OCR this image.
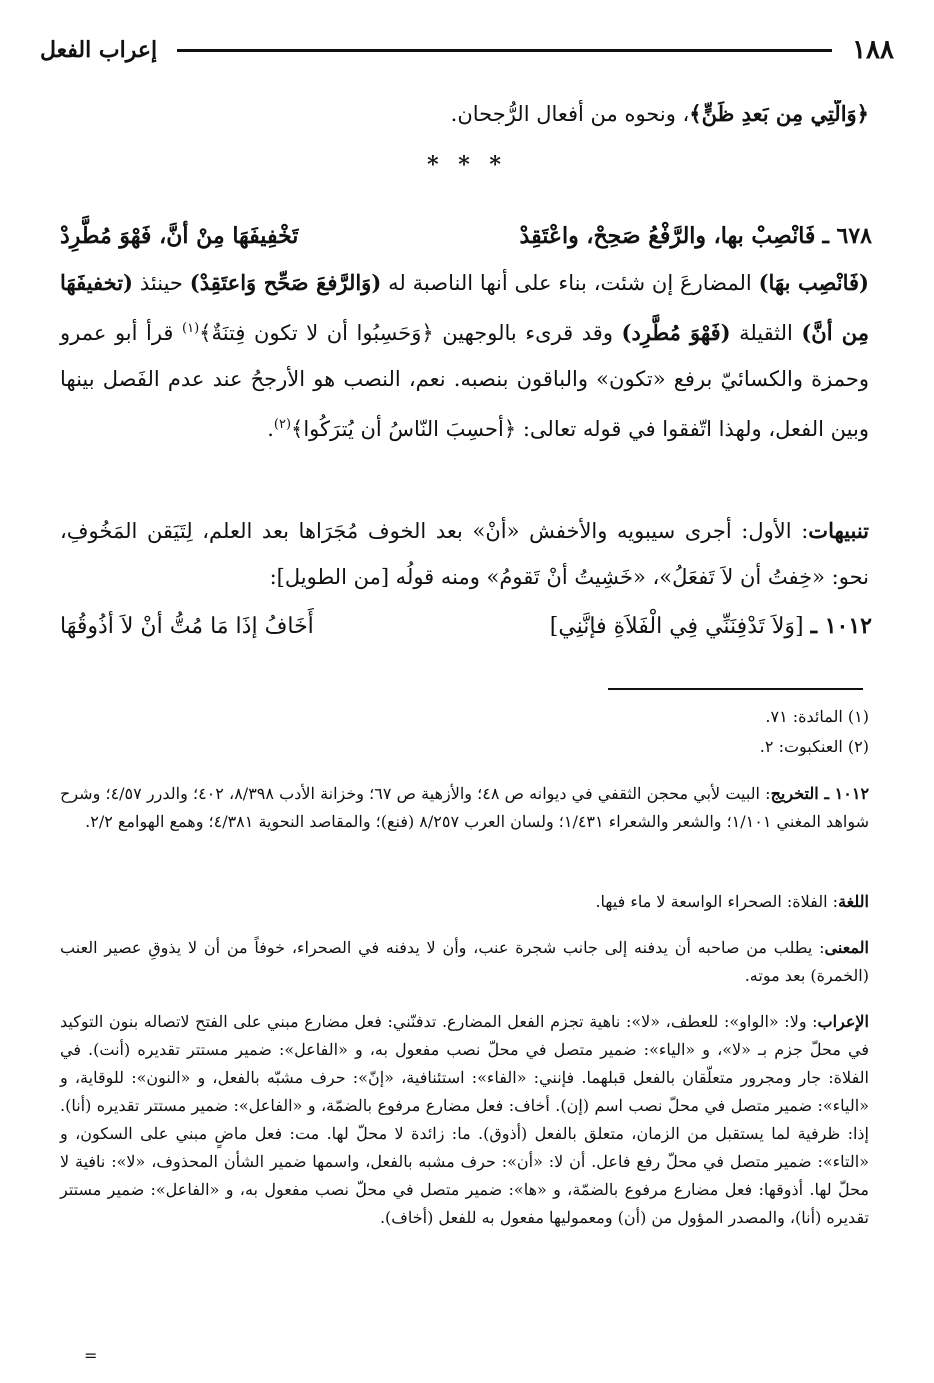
١٨٨
إعراب الفعل
﴿وَالَّتِي مِن بَعدِ ظَنٍّ﴾، ونحوه من أفعال الرُّجحان.
* * *
٦٧٨ ـ فَانْصِبْ بها، والرَّفْعُ صَحِحْ، واعْتَقِدْ
تَخْفِيفَهَا مِنْ أنَّ، فَهْوَ مُطَّرِدْ
(فَانْصِب بهَا) المضارعَ إن شئت، بناء على أنها الناصبة له (وَالرَّفعَ صَحِّح وَاعتَقِدْ) حينئذ (تخفيفَهَا مِن أنَّ) الثقيلة (فَهْوَ مُطَّرِد) وقد قرىء بالوجهين ﴿وَحَسِبُوا أن لا تكون فِتنَةٌ﴾$^{(١)}$ قرأ أبو عمرو وحمزة والكسائيّ برفع «تكون» والباقون بنصبه. نعم، النصب هو الأرجحُ عند عدم الفَصل بينها وبين الفعل، ولهذا اتّفقوا في قوله تعالى: ﴿أحسِبَ النّاسُ أن يُترَكُوا﴾$^{(٢)}$.
تنبيهات: الأول: أجرى سيبويه والأخفش «أنْ» بعد الخوف مُجَرَاها بعد العلم، لِتَيَقن المَخُوفِ، نحو: «خِفتُ أن لاَ تَفعَلُ»، «خَشِيتُ أنْ تَقومُ» ومنه قولُه [من الطويل]:
١٠١٢ ـ [وَلاَ تَدْفِنَنِّي فِي الْفَلاَةِ فإنَّنِي]
أَخَافُ إذَا مَا مُتُّ أنْ لاَ أذُوقُهَا
(١) المائدة: ٧١.
(٢) العنكبوت: ٢.
١٠١٢ ـ التخريج: البيت لأبي محجن الثقفي في ديوانه ص ٤٨؛ والأزهية ص ٦٧؛ وخزانة الأدب ٨/٣٩٨، ٤٠٢؛ والدرر ٤/٥٧؛ وشرح شواهد المغني ١/١٠١؛ والشعر والشعراء ١/٤٣١؛ ولسان العرب ٨/٢٥٧ (فنع)؛ والمقاصد النحوية ٤/٣٨١؛ وهمع الهوامع ٢/٢.
اللغة: الفلاة: الصحراء الواسعة لا ماء فيها.
المعنى: يطلب من صاحبه أن يدفنه إلى جانب شجرة عنب، وأن لا يدفنه في الصحراء، خوفاً من أن لا يذوقِ عصير العنب (الخمرة) بعد موته.
الإعراب: ولا: «الواو»: للعطف، «لا»: ناهية تجزم الفعل المضارع. تدفنّني: فعل مضارع مبني على الفتح لاتصاله بنون التوكيد في محلّ جزم بـ «لا»، و «الياء»: ضمير متصل في محلّ نصب مفعول به، و «الفاعل»: ضمير مستتر تقديره (أنت). في الفلاة: جار ومجرور متعلّقان بالفعل قبلهما. فإنني: «الفاء»: استئنافية، «إنّ»: حرف مشبّه بالفعل، و «النون»: للوقاية، و «الياء»: ضمير متصل في محلّ نصب اسم (إن). أخاف: فعل مضارع مرفوع بالضمّة، و «الفاعل»: ضمير مستتر تقديره (أنا). إذا: ظرفية لما يستقبل من الزمان، متعلق بالفعل (أذوق). ما: زائدة لا محلّ لها. مت: فعل ماضٍ مبني على السكون، و «التاء»: ضمير متصل في محلّ رفع فاعل. أن لا: «أن»: حرف مشبه بالفعل، واسمها ضمير الشأن المحذوف، «لا»: نافية لا محلّ لها. أذوقها: فعل مضارع مرفوع بالضمّة، و «ها»: ضمير متصل في محلّ نصب مفعول به، و «الفاعل»: ضمير مستتر تقديره (أنا)، والمصدر المؤول من (أن) ومعموليها مفعول به للفعل (أخاف).
=
